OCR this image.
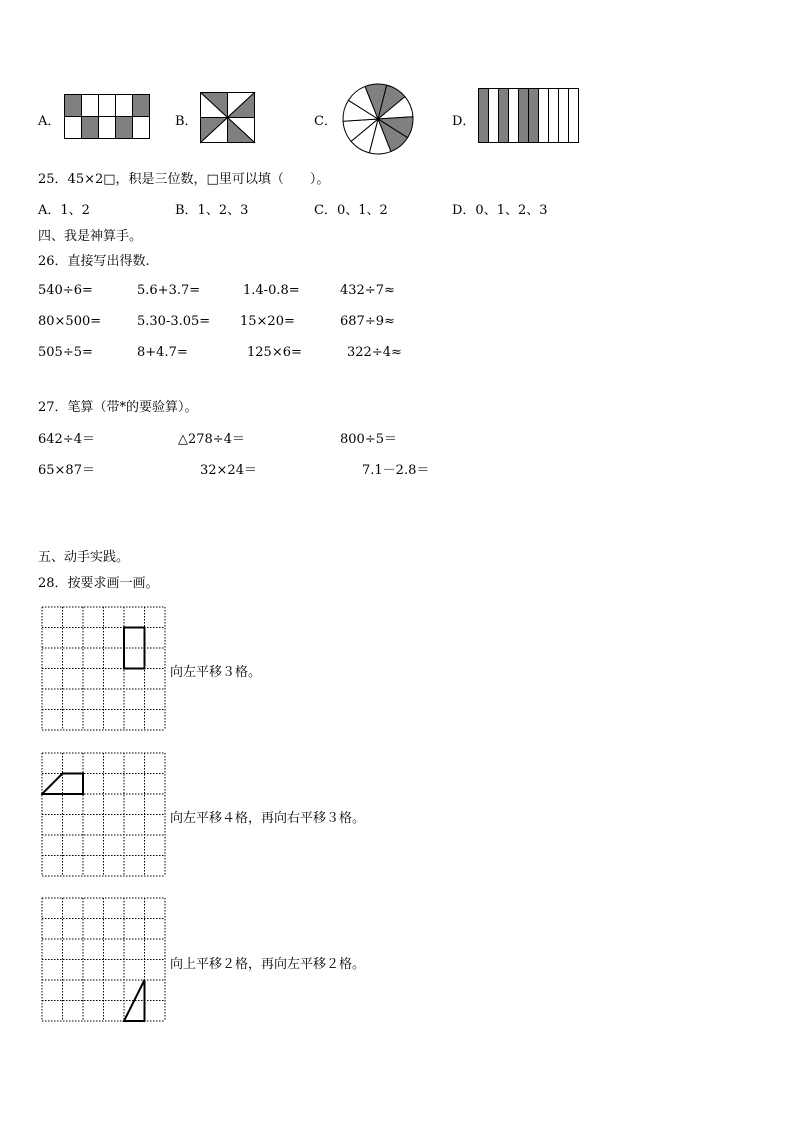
A．	B．	C．	D．
25．45×2□，积是三位数，□里可以填（　　）。
A．1、2	B．1、2、3	C．0、1、2	D．0、1、2、3
四、我是神算手。
26．直接写出得数.
540÷6=	5.6+3.7=	1.4-0.8=	432÷7≈
80×500=	5.30-3.05= 15×20=	687÷9≈
505÷5=	8+4.7=	125×6=	322÷4≈
27．笔算（带*的要验算）。
642÷4＝	△278÷4＝	800÷5＝
65×87＝	32×24＝	7.1－2.8＝
五、动手实践。
28．按要求画一画。
向左平移３格。
向左平移４格，再向右平移３格。
向上平移２格，再向左平移２格。
